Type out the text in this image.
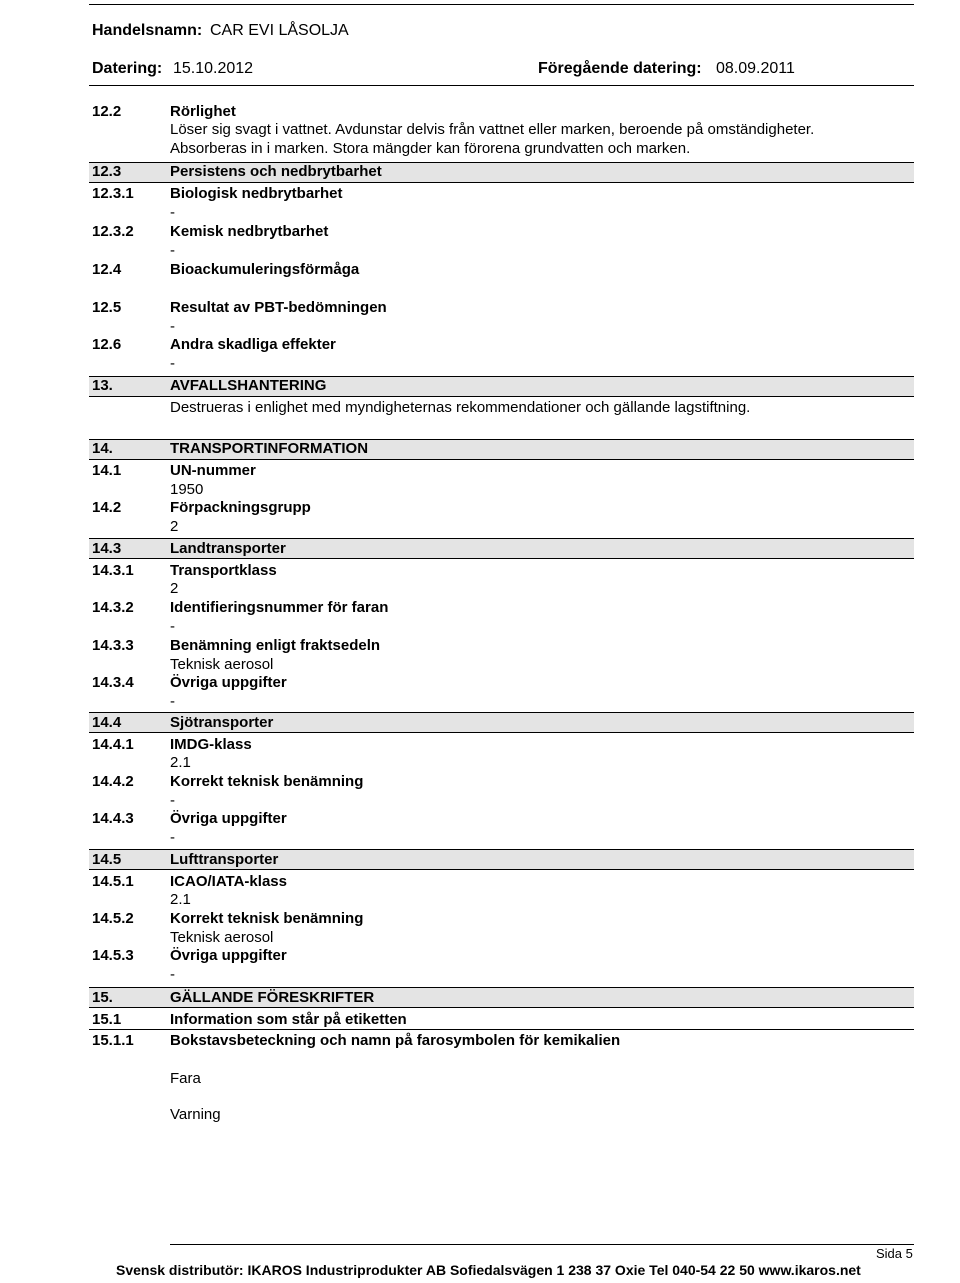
Handelsnamn: CAR EVI LÅSOLJA
Datering: 15.10.2012	Föregående datering: 08.09.2011
12.2	Rörlighet
Löser sig svagt i vattnet. Avdunstar delvis från vattnet eller marken, beroende på omständigheter.
Absorberas in i marken. Stora mängder kan förorena grundvatten och marken.
12.3	Persistens och nedbrytbarhet
12.3.1 Biologisk nedbrytbarhet
-
12.3.2 Kemisk nedbrytbarhet
-
12.4	Bioackumuleringsförmåga
12.5	Resultat av PBT-bedömningen
-
12.6	Andra skadliga effekter
-
13.	AVFALLSHANTERING
Destrueras i enlighet med myndigheternas rekommendationer och gällande lagstiftning.
14.	TRANSPORTINFORMATION
14.1	UN-nummer
1950
14.2	Förpackningsgrupp
2
14.3	Landtransporter
14.3.1 Transportklass
2
14.3.2 Identifieringsnummer för faran
-
14.3.3 Benämning enligt fraktsedeln
Teknisk aerosol
14.3.4 Övriga uppgifter
-
14.4	Sjötransporter
14.4.1 IMDG-klass
2.1
14.4.2 Korrekt teknisk benämning
-
14.4.3 Övriga uppgifter
-
14.5	Lufttransporter
14.5.1 ICAO/IATA-klass
2.1
14.5.2 Korrekt teknisk benämning
Teknisk aerosol
14.5.3 Övriga uppgifter
-
15.	GÄLLANDE FÖRESKRIFTER
15.1	Information som står på etiketten
15.1.1 Bokstavsbeteckning och namn på farosymbolen för kemikalien
Fara
Varning
Sida 5
Svensk distributör: IKAROS Industriprodukter AB Sofiedalsvägen 1 238 37 Oxie Tel 040-54 22 50 www.ikaros.net
